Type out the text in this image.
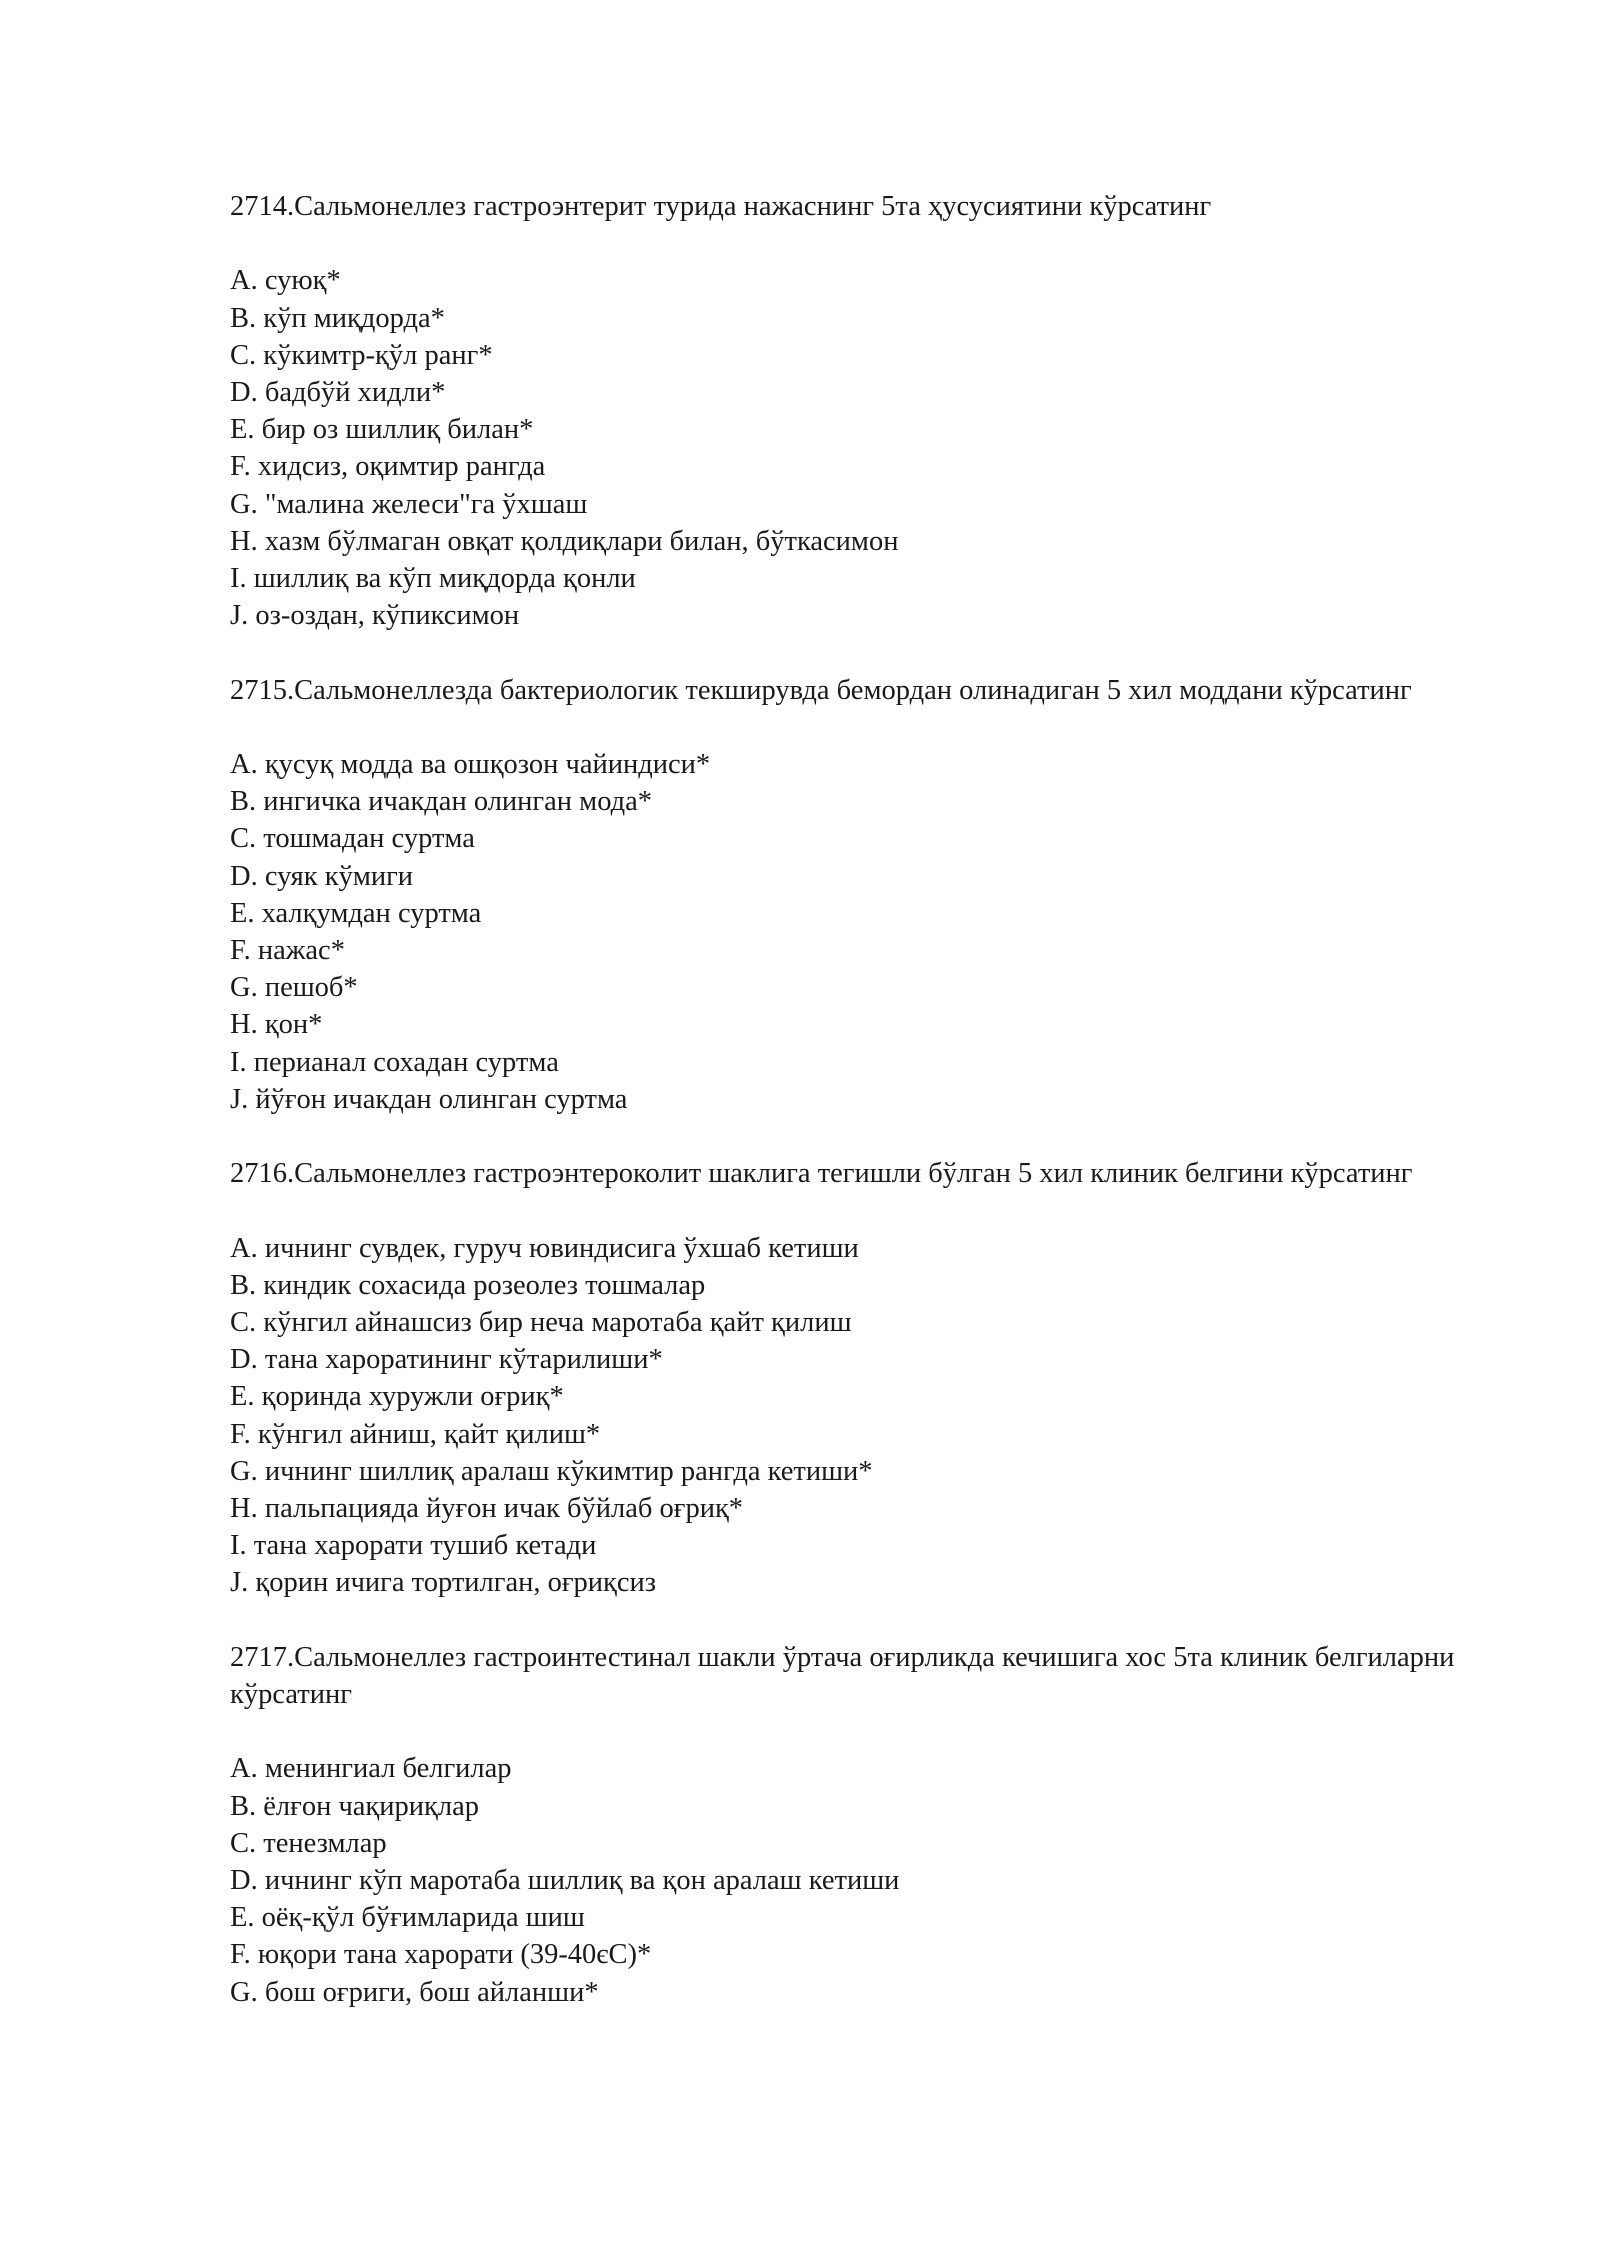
2714.Сальмонеллез гастроэнтерит турида нажаснинг 5та ҳусусиятини кўрсатинг

A. суюқ*

B. кўп миқдорда*

C. кўкимтр-қўл ранг*

D. бадбўй хидли*

E. бир оз шиллиқ билан*

F. хидсиз, оқимтир рангда

G. "малина желеси"га ўхшаш

H. хазм бўлмаган овқат қолдиқлари билан, бўткасимон

I. шиллиқ ва кўп миқдорда қонли

J. оз-оздан, кўпиксимон

2715.Сальмонеллезда бактериологик текширувда бемордан олинадиган 5 хил моддани кўрсатинг

A. қусуқ модда ва ошқозон чайиндиси*

B. ингичка ичакдан олинган мода*

C. тошмадан суртма

D. суяк кўмиги

E. халқумдан суртма

F. нажас*

G. пешоб*

H. қон*

I. перианал сохадан суртма

J. йўғон ичакдан олинган суртма

2716.Сальмонеллез гастроэнтероколит шаклига тегишли бўлган 5 хил клиник белгини кўрсатинг

A. ичнинг сувдек, гуруч ювиндисига ўхшаб кетиши

B. киндик сохасида розеолез тошмалар

C. кўнгил айнашсиз бир неча маротаба қайт қилиш

D. тана хароратининг кўтарилиши*

E. қоринда хуружли оғриқ*

F. кўнгил айниш, қайт қилиш*

G. ичнинг шиллиқ аралаш кўкимтир рангда кетиши*

H. пальпацияда йуғон ичак бўйлаб оғриқ*

I. тана харорати тушиб кетади

J. қорин ичига тортилган, оғриқсиз

2717.Сальмонеллез гастроинтестинал шакли ўртача оғирликда кечишига хос 5та клиник белгиларни кўрсатинг

A. менингиал белгилар

B. ёлғон чақириқлар

C. тенезмлар

D. ичнинг кўп маротаба шиллиқ ва қон аралаш кетиши

E. оёқ-қўл бўғимларида шиш

F. юқори тана харорати (39-40єС)*

G. бош оғриги, бош айланши*
